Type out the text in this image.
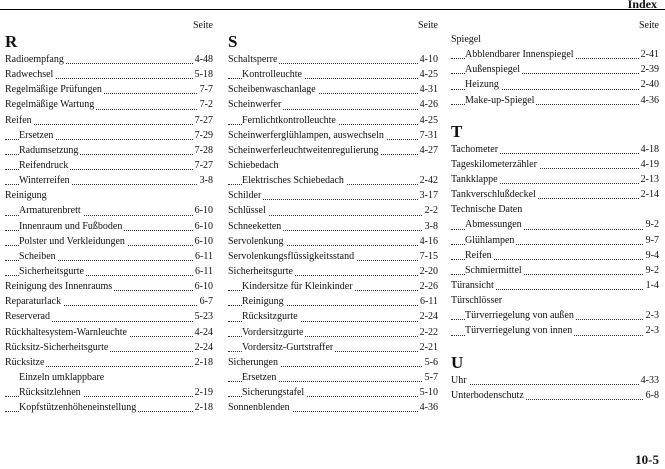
Index
Seite
R
Radioempfang	4-48
Radwechsel	5-18
Regelmäßige Prüfungen	7-7
Regelmäßige Wartung	7-2
Reifen	7-27
Ersetzen	7-29
Radumsetzung	7-28
Reifendruck	7-27
Winterreifen	3-8
Reinigung
Armaturenbrett	6-10
Innenraum und Fußboden	6-10
Polster und Verkleidungen	6-10
Scheiben	6-11
Sicherheitsgurte	6-11
Reinigung des Innenraums	6-10
Reparaturlack	6-7
Reserverad	5-23
Rückhaltesystem-Warnleuchte	4-24
Rücksitz-Sicherheitsgurte	2-24
Rücksitze	2-18
Einzeln umklappbare
Rücksitzlehnen	2-19
Kopfstützenhöheneinstellung	2-18
Seite
S
Schaltsperre	4-10
Kontrolleuchte	4-25
Scheibenwaschanlage	4-31
Scheinwerfer	4-26
Fernlichtkontrolleuchte	4-25
Scheinwerferglühlampen, auswechseln	7-31
Scheinwerferleuchtweitenregulierung	4-27
Schiebedach
Elektrisches Schiebedach	2-42
Schilder	3-17
Schlüssel	2-2
Schneeketten	3-8
Servolenkung	4-16
Servolenkungsflüssigkeitsstand	7-15
Sicherheitsgurte	2-20
Kindersitze für Kleinkinder	2-26
Reinigung	6-11
Rücksitzgurte	2-24
Vordersitzgurte	2-22
Vordersitz-Gurtstraffer	2-21
Sicherungen	5-6
Ersetzen	5-7
Sicherungstafel	5-10
Sonnenblenden	4-36
Seite
Spiegel
Abblendbarer Innenspiegel	2-41
Außenspiegel	2-39
Heizung	2-40
Make-up-Spiegel	4-36
T
Tachometer	4-18
Tageskilometerzähler	4-19
Tankklappe	2-13
Tankverschlußdeckel	2-14
Technische Daten
Abmessungen	9-2
Glühlampen	9-7
Reifen	9-4
Schmiermittel	9-2
Türansicht	1-4
Türschlösser
Türverriegelung von außen	2-3
Türverriegelung von innen	2-3
U
Uhr	4-33
Unterbodenschutz	6-8
10-5
